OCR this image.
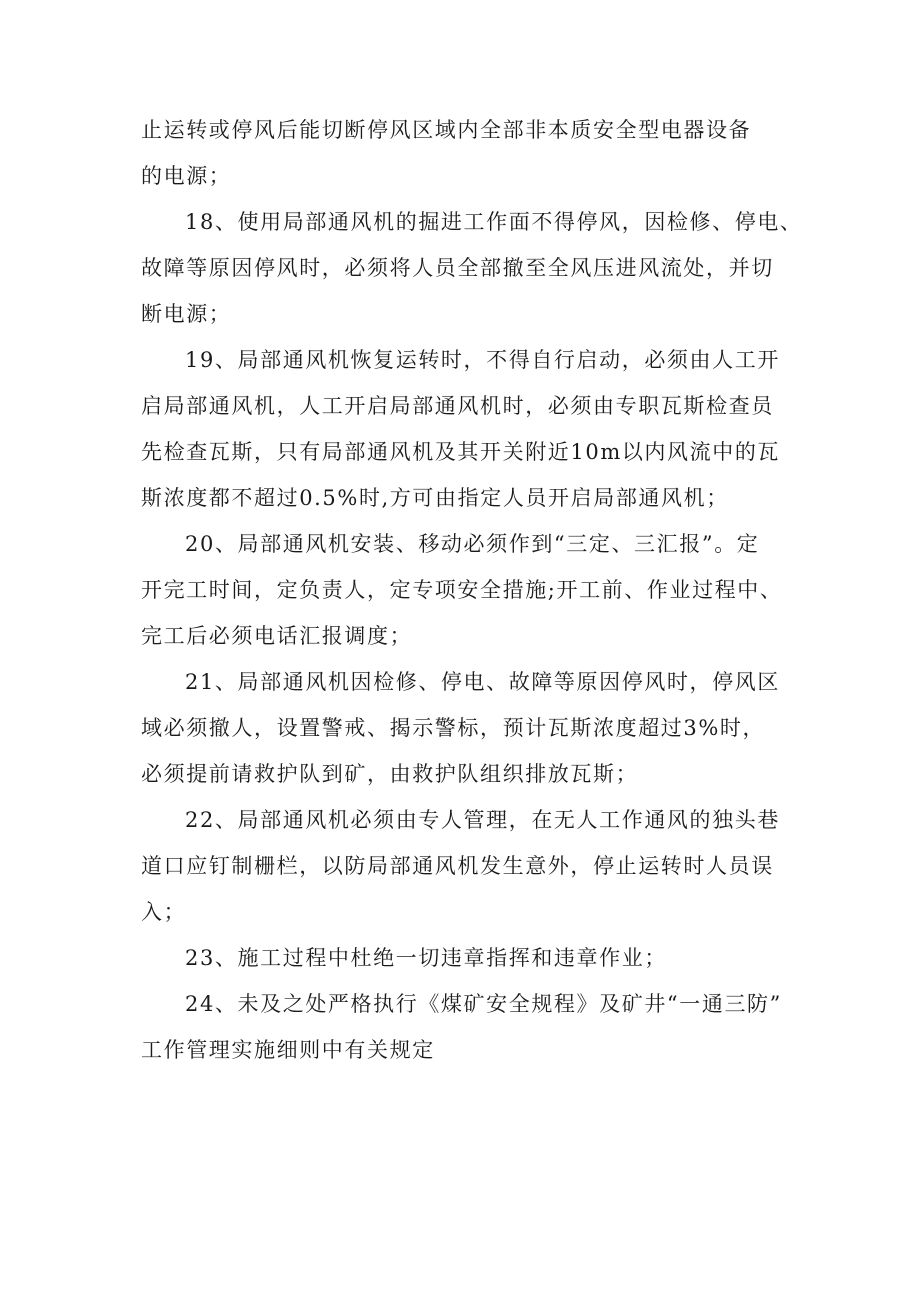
止运转或停风后能切断停风区域内全部非本质安全型电器设备
的电源；
18、使用局部通风机的掘进工作面不得停风，因检修、停电、
故障等原因停风时，必须将人员全部撤至全风压进风流处，并切
断电源；
19、局部通风机恢复运转时，不得自行启动，必须由人工开
启局部通风机，人工开启局部通风机时，必须由专职瓦斯检查员
先检查瓦斯，只有局部通风机及其开关附近10m以内风流中的瓦
斯浓度都不超过0.5%时,方可由指定人员开启局部通风机；
20、局部通风机安装、移动必须作到“三定、三汇报”。定
开完工时间，定负责人，定专项安全措施;开工前、作业过程中、
完工后必须电话汇报调度；
21、局部通风机因检修、停电、故障等原因停风时，停风区
域必须撤人，设置警戒、揭示警标，预计瓦斯浓度超过3%时，
必须提前请救护队到矿，由救护队组织排放瓦斯；
22、局部通风机必须由专人管理，在无人工作通风的独头巷
道口应钉制栅栏，以防局部通风机发生意外，停止运转时人员误
入；
23、施工过程中杜绝一切违章指挥和违章作业；
24、未及之处严格执行《煤矿安全规程》及矿井“一通三防”
工作管理实施细则中有关规定
